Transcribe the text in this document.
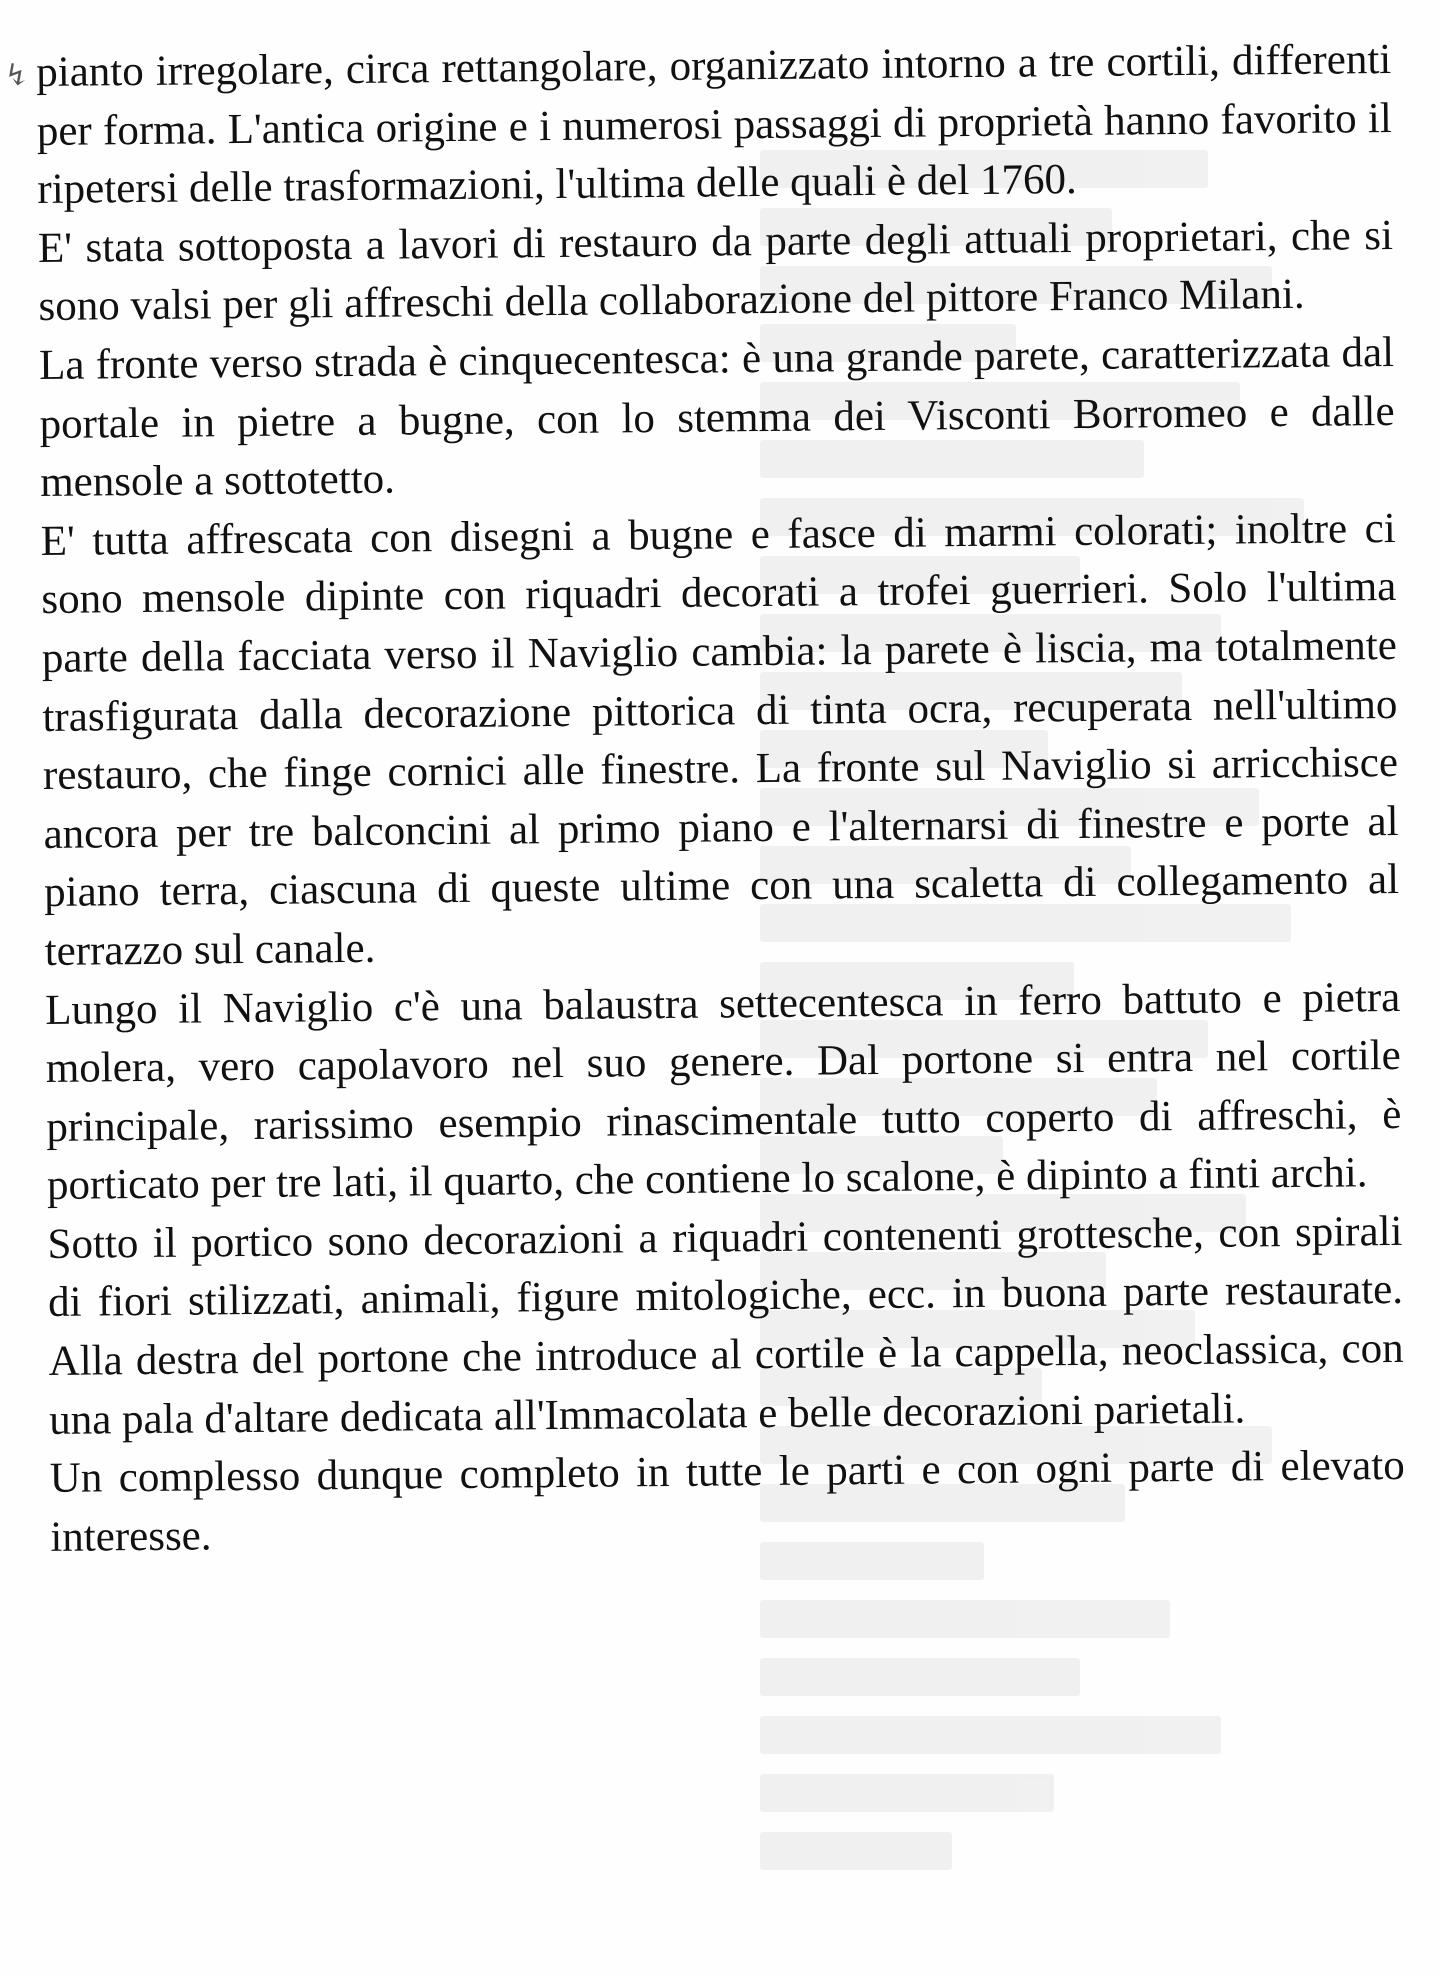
↯ pianto irregolare, circa rettangolare, organizzato intorno a tre cortili, differenti per forma. L'antica origine e i numerosi passaggi di proprietà hanno favorito il ripetersi delle trasformazioni, l'ultima delle quali è del 1760.

E' stata sottoposta a lavori di restauro da parte degli attuali proprietari, che si sono valsi per gli affreschi della collaborazione del pittore Franco Milani.

La fronte verso strada è cinquecentesca: è una grande parete, caratterizzata dal portale in pietre a bugne, con lo stemma dei Visconti Borromeo e dalle mensole a sottotetto.

E' tutta affrescata con disegni a bugne e fasce di marmi colorati; inoltre ci sono mensole dipinte con riquadri decorati a trofei guerrieri. Solo l'ultima parte della facciata verso il Naviglio cambia: la parete è liscia, ma totalmente trasfigurata dalla decorazione pittorica di tinta ocra, recuperata nell'ultimo restauro, che finge cornici alle finestre. La fronte sul Naviglio si arricchisce ancora per tre balconcini al primo piano e l'alternarsi di finestre e porte al piano terra, ciascuna di queste ultime con una scaletta di collegamento al terrazzo sul canale.

Lungo il Naviglio c'è una balaustra settecentesca in ferro battuto e pietra molera, vero capolavoro nel suo genere. Dal portone si entra nel cortile principale, rarissimo esempio rinascimentale tutto coperto di affreschi, è porticato per tre lati, il quarto, che contiene lo scalone, è dipinto a finti archi.

Sotto il portico sono decorazioni a riquadri contenenti grottesche, con spirali di fiori stilizzati, animali, figure mitologiche, ecc. in buona parte restaurate. Alla destra del portone che introduce al cortile è la cappella, neoclassica, con una pala d'altare dedicata all'Immacolata e belle decorazioni parietali.

Un complesso dunque completo in tutte le parti e con ogni parte di elevato interesse.
